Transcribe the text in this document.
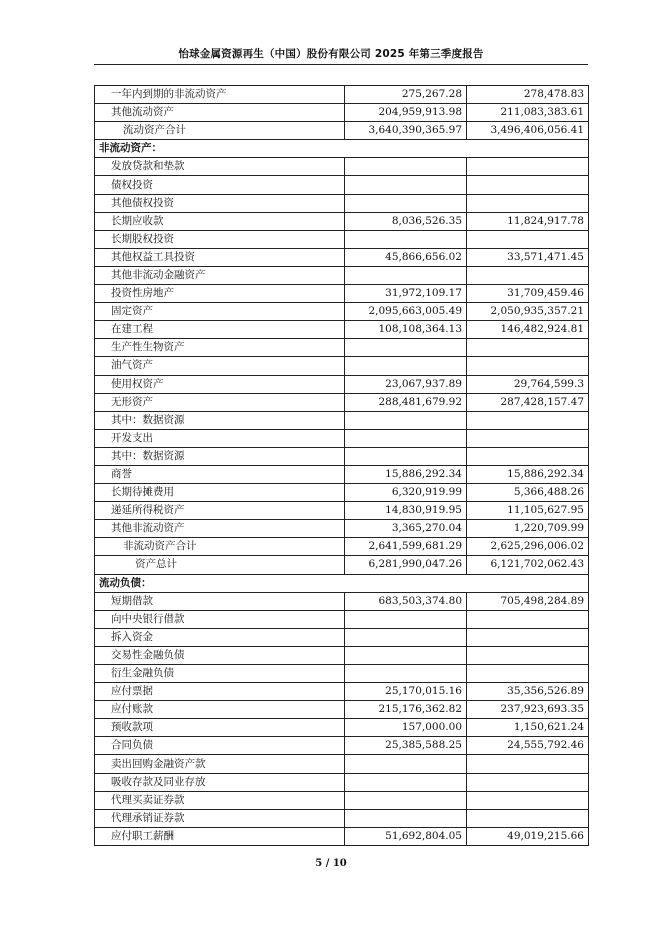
怡球金属资源再生（中国）股份有限公司 2025 年第三季度报告
一年内到期的非流动资产	275,267.28	278,478.83
其他流动资产	204,959,913.98	211,083,383.61
流动资产合计	3,640,390,365.97	3,496,406,056.41
非流动资产：		
发放贷款和垫款		
债权投资		
其他债权投资		
长期应收款	8,036,526.35	11,824,917.78
长期股权投资		
其他权益工具投资	45,866,656.02	33,571,471.45
其他非流动金融资产		
投资性房地产	31,972,109.17	31,709,459.46
固定资产	2,095,663,005.49	2,050,935,357.21
在建工程	108,108,364.13	146,482,924.81
生产性生物资产		
油气资产		
使用权资产	23,067,937.89	29,764,599.3
无形资产	288,481,679.92	287,428,157.47
其中：数据资源		
开发支出		
其中：数据资源		
商誉	15,886,292.34	15,886,292.34
长期待摊费用	6,320,919.99	5,366,488.26
递延所得税资产	14,830,919.95	11,105,627.95
其他非流动资产	3,365,270.04	1,220,709.99
非流动资产合计	2,641,599,681.29	2,625,296,006.02
资产总计	6,281,990,047.26	6,121,702,062.43
流动负债：		
短期借款	683,503,374.80	705,498,284.89
向中央银行借款		
拆入资金		
交易性金融负债		
衍生金融负债		
应付票据	25,170,015.16	35,356,526.89
应付账款	215,176,362.82	237,923,693.35
预收款项	157,000.00	1,150,621.24
合同负债	25,385,588.25	24,555,792.46
卖出回购金融资产款		
吸收存款及同业存放		
代理买卖证券款		
代理承销证券款		
应付职工薪酬	51,692,804.05	49,019,215.66
5 / 10
